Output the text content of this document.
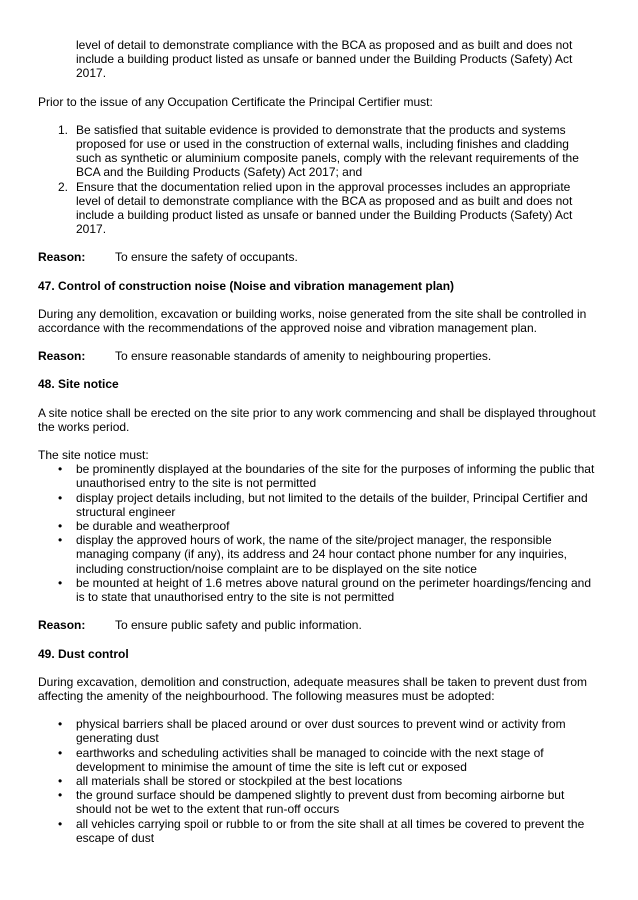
level of detail to demonstrate compliance with the BCA as proposed and as built and does not include a building product listed as unsafe or banned under the Building Products (Safety) Act 2017.

Prior to the issue of any Occupation Certificate the Principal Certifier must:

1. Be satisfied that suitable evidence is provided to demonstrate that the products and systems proposed for use or used in the construction of external walls, including finishes and cladding such as synthetic or aluminium composite panels, comply with the relevant requirements of the BCA and the Building Products (Safety) Act 2017; and
2. Ensure that the documentation relied upon in the approval processes includes an appropriate level of detail to demonstrate compliance with the BCA as proposed and as built and does not include a building product listed as unsafe or banned under the Building Products (Safety) Act 2017.
Reason:	To ensure the safety of occupants.
47. Control of construction noise (Noise and vibration management plan)

During any demolition, excavation or building works, noise generated from the site shall be controlled in accordance with the recommendations of the approved noise and vibration management plan.

Reason:	To ensure reasonable standards of amenity to neighbouring properties.
48. Site notice

A site notice shall be erected on the site prior to any work commencing and shall be displayed throughout the works period.

The site notice must:

• be prominently displayed at the boundaries of the site for the purposes of informing the public that unauthorised entry to the site is not permitted
• display project details including, but not limited to the details of the builder, Principal Certifier and structural engineer
• be durable and weatherproof
• display the approved hours of work, the name of the site/project manager, the responsible managing company (if any), its address and 24 hour contact phone number for any inquiries, including construction/noise complaint are to be displayed on the site notice
• be mounted at height of 1.6 metres above natural ground on the perimeter hoardings/fencing and is to state that unauthorised entry to the site is not permitted
Reason:	To ensure public safety and public information.
49. Dust control

During excavation, demolition and construction, adequate measures shall be taken to prevent dust from affecting the amenity of the neighbourhood. The following measures must be adopted:

• physical barriers shall be placed around or over dust sources to prevent wind or activity from generating dust
• earthworks and scheduling activities shall be managed to coincide with the next stage of development to minimise the amount of time the site is left cut or exposed
• all materials shall be stored or stockpiled at the best locations
• the ground surface should be dampened slightly to prevent dust from becoming airborne but should not be wet to the extent that run-off occurs
• all vehicles carrying spoil or rubble to or from the site shall at all times be covered to prevent the escape of dust
